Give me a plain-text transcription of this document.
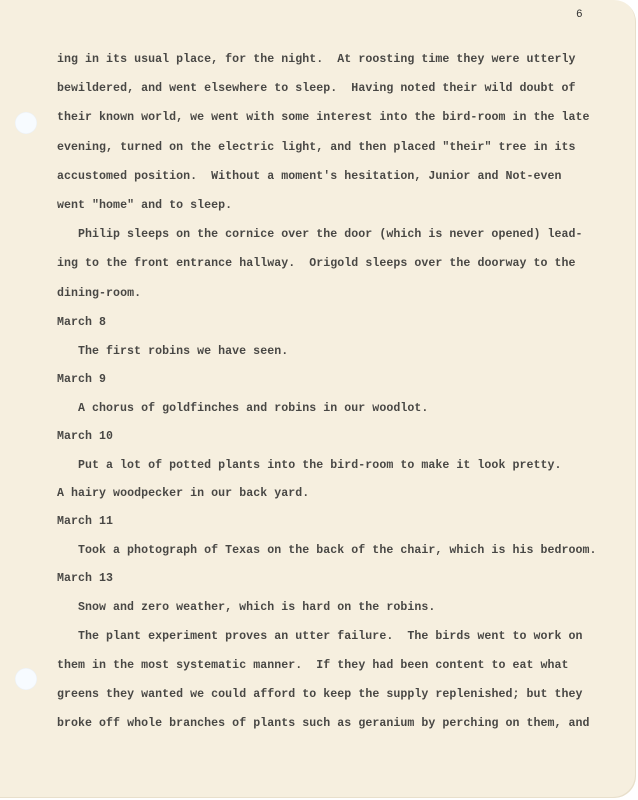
6
ing in its usual place, for the night.  At roosting time they were utterly
bewildered, and went elsewhere to sleep.  Having noted their wild doubt of
their known world, we went with some interest into the bird-room in the late
evening, turned on the electric light, and then placed "their" tree in its
accustomed position.  Without a moment's hesitation, Junior and Not-even
went "home" and to sleep.
Philip sleeps on the cornice over the door (which is never opened) lead-
ing to the front entrance hallway.  Origold sleeps over the doorway to the
dining-room.
March 8
The first robins we have seen.
March 9
A chorus of goldfinches and robins in our woodlot.
March 10
Put a lot of potted plants into the bird-room to make it look pretty.
A hairy woodpecker in our back yard.
March 11
Took a photograph of Texas on the back of the chair, which is his bedroom.
March 13
Snow and zero weather, which is hard on the robins.
The plant experiment proves an utter failure.  The birds went to work on
them in the most systematic manner.  If they had been content to eat what
greens they wanted we could afford to keep the supply replenished; but they
broke off whole branches of plants such as geranium by perching on them, and
